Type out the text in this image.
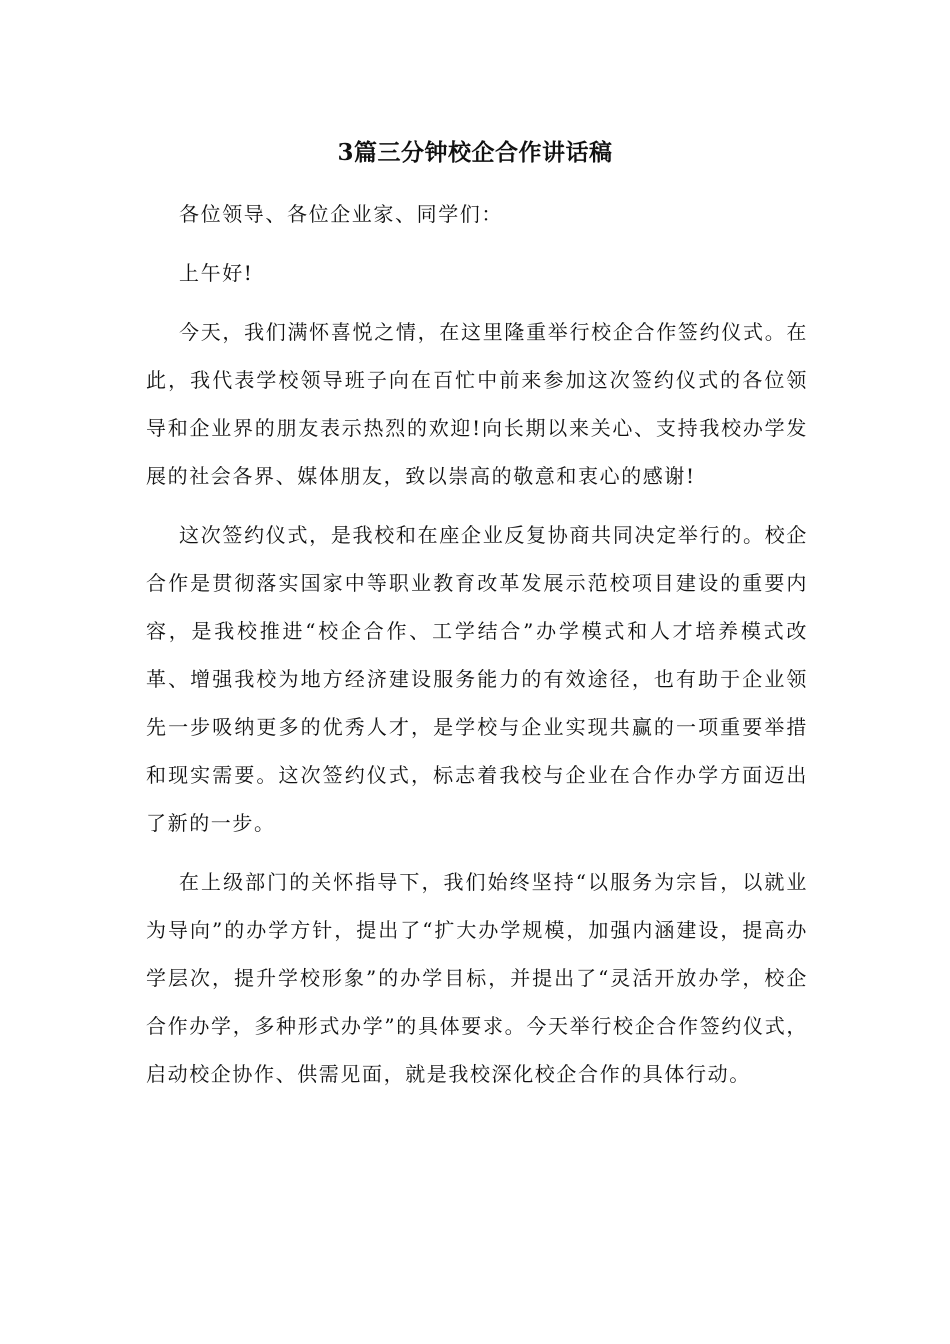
3篇三分钟校企合作讲话稿

各位领导、各位企业家、同学们：

上午好!

今天，我们满怀喜悦之情，在这里隆重举行校企合作签约仪式。在此，我代表学校领导班子向在百忙中前来参加这次签约仪式的各位领导和企业界的朋友表示热烈的欢迎!向长期以来关心、支持我校办学发展的社会各界、媒体朋友，致以崇高的敬意和衷心的感谢!

这次签约仪式，是我校和在座企业反复协商共同决定举行的。校企合作是贯彻落实国家中等职业教育改革发展示范校项目建设的重要内容，是我校推进“校企合作、工学结合”办学模式和人才培养模式改革、增强我校为地方经济建设服务能力的有效途径，也有助于企业领先一步吸纳更多的优秀人才，是学校与企业实现共赢的一项重要举措和现实需要。这次签约仪式，标志着我校与企业在合作办学方面迈出了新的一步。

在上级部门的关怀指导下，我们始终坚持“以服务为宗旨，以就业为导向”的办学方针，提出了“扩大办学规模，加强内涵建设，提高办学层次，提升学校形象”的办学目标，并提出了“灵活开放办学，校企合作办学，多种形式办学”的具体要求。今天举行校企合作签约仪式，启动校企协作、供需见面，就是我校深化校企合作的具体行动。
